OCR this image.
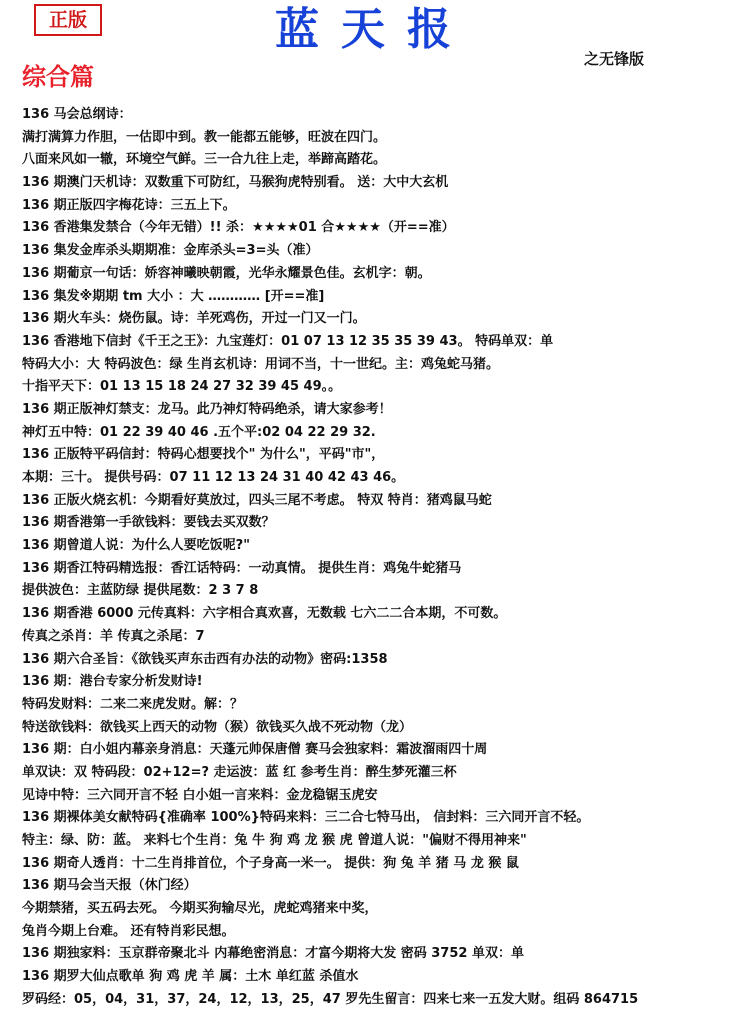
正版	蓝天报
之无锋版
综合篇
136 马会总纲诗：
满打满算力作胆，一估即中到。教一能都五能够，旺波在四门。
八面来风如一辙，环境空气鲜。三一合九往上走，举蹄高踏花。
136 期澳门天机诗：双数重下可防红，马猴狗虎特别看。 送：大中大玄机
136 期正版四字梅花诗：三五上下。
136 香港集发禁合（今年无错）!! 杀：★★★★01 合★★★★（开==准）
136 集发金库杀头期期准：金库杀头=3=头（准）
136 期葡京一句话：娇容神曦映朝霞，光华永耀景色佳。玄机字：朝。
136 集发※期期 tm 大小 ：大 ………… [开==准]
136 期火车头：烧伤鼠。诗：羊死鸡伤，开过一门又一门。
136 香港地下信封《千王之王》：九宝莲灯：01 07 13 12 35 35 39 43。 特码单双：单
特码大小：大 特码波色：绿 生肖玄机诗：用词不当，十一世纪。主：鸡兔蛇马猪。
十指平天下：01 13 15 18 24 27 32 39 45 49。。
136 期正版神灯禁支：龙马。此乃神灯特码绝杀，请大家参考！
神灯五中特：01 22 39 40 46 .五个平:02 04 22 29 32.
136 正版特平码信封：特码心想要找个" 为什么"，平码"市"，
本期：三十。 提供号码：07 11 12 13 24 31 40 42 43 46。
136 正版火烧玄机：今期看好莫放过，四头三尾不考虑。 特双 特肖：猪鸡鼠马蛇
136 期香港第一手欲钱料：要钱去买双数？
136 期曾道人说：为什么人要吃饭呢?"
136 期香江特码精选报：香江话特码：一动真情。 提供生肖：鸡兔牛蛇猪马
提供波色：主蓝防绿 提供尾数：2 3 7 8
136 期香港 6000 元传真料：六字相合真欢喜，无数载 七六二二合本期，不可数。
传真之杀肖：羊 传真之杀尾：7
136 期六合圣旨：《欲钱买声东击西有办法的动物》密码:1358
136 期：港台专家分析发财诗!
特码发财料：二来二来虎发财。解：？
特送欲钱料：欲钱买上西天的动物（猴）欲钱买久战不死动物（龙）
136 期：白小姐内幕亲身消息：天蓬元帅保唐僧 赛马会独家料：霜波溜雨四十周
单双诀：双 特码段：02+12=? 走运波：蓝 红 参考生肖：醉生梦死灌三杯
见诗中特：三六同开言不轻 白小姐一言来料：金龙稳锯玉虎安
136 期裸体美女献特码{准确率 100%}特码来料：三二合七特马出， 信封料：三六同开言不轻。
特主：绿、防：蓝。 来料七个生肖：兔 牛 狗 鸡 龙 猴 虎 曾道人说："偏财不得用神来"
136 期奇人透肖：十二生肖排首位，个子身高一米一。 提供：狗 兔 羊 猪 马 龙 猴 鼠
136 期马会当天报（休门经）
今期禁猪，买五码去死。 今期买狗输尽光，虎蛇鸡猪来中奖，
兔肖今期上台难。 还有特肖彩民想。
136 期独家料：玉京群帝聚北斗 内幕绝密消息：才富今期将大发 密码 3752 单双：单
136 期罗大仙点歌单 狗 鸡 虎 羊 属：土木 单红蓝 杀值水
罗码经：05，04，31，37，24，12，13，25，47 罗先生留言：四来七来一五发大财。组码 864715
